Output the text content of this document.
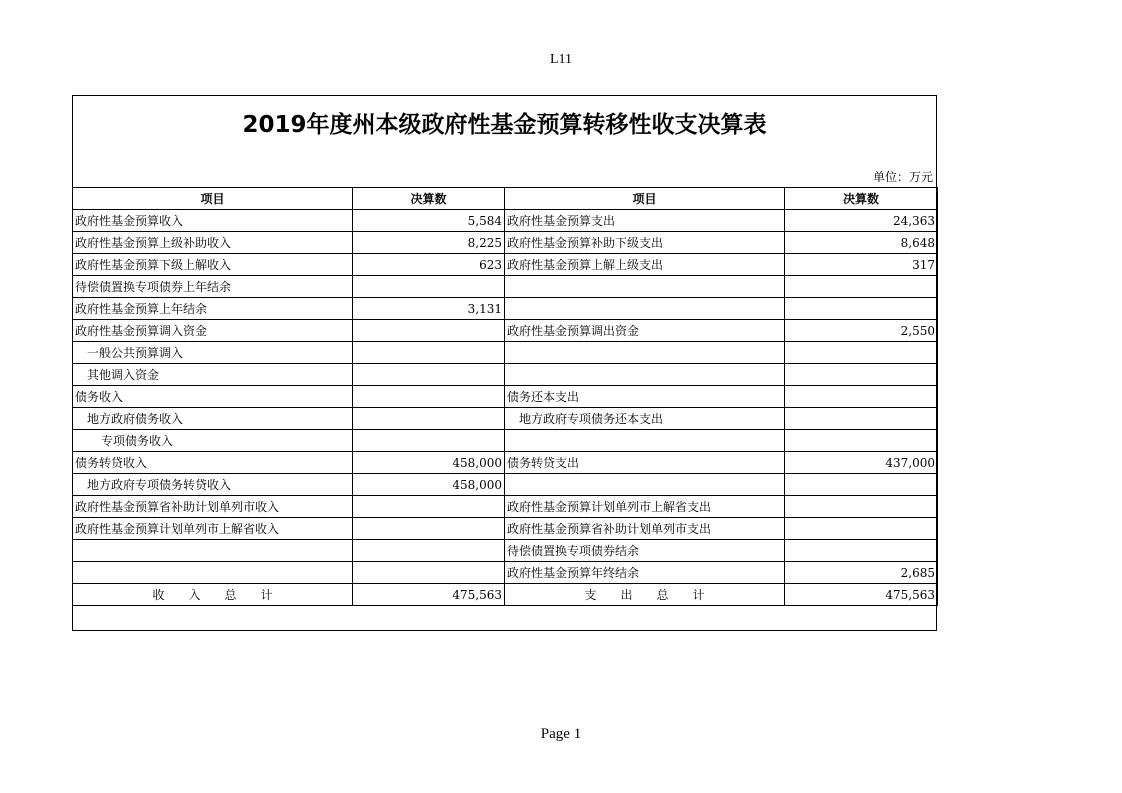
L11
2019年度州本级政府性基金预算转移性收支决算表
单位：万元
项目	决算数	项目	决算数
政府性基金预算收入	5,584	政府性基金预算支出	24,363
政府性基金预算上级补助收入	8,225	政府性基金预算补助下级支出	8,648
政府性基金预算下级上解收入	623	政府性基金预算上解上级支出	317
待偿债置换专项债券上年结余			
政府性基金预算上年结余	3,131		
政府性基金预算调入资金		政府性基金预算调出资金	2,550
一般公共预算调入			
其他调入资金			
债务收入		债务还本支出	
地方政府债务收入		地方政府专项债务还本支出	
专项债务收入			
债务转贷收入	458,000	债务转贷支出	437,000
地方政府专项债务转贷收入	458,000		
政府性基金预算省补助计划单列市收入		政府性基金预算计划单列市上解省支出	
政府性基金预算计划单列市上解省收入		政府性基金预算省补助计划单列市支出	
		待偿债置换专项债券结余	
		政府性基金预算年终结余	2,685
收　　入　　总　　计	475,563	支　　出　　总　　计	475,563
Page 1
